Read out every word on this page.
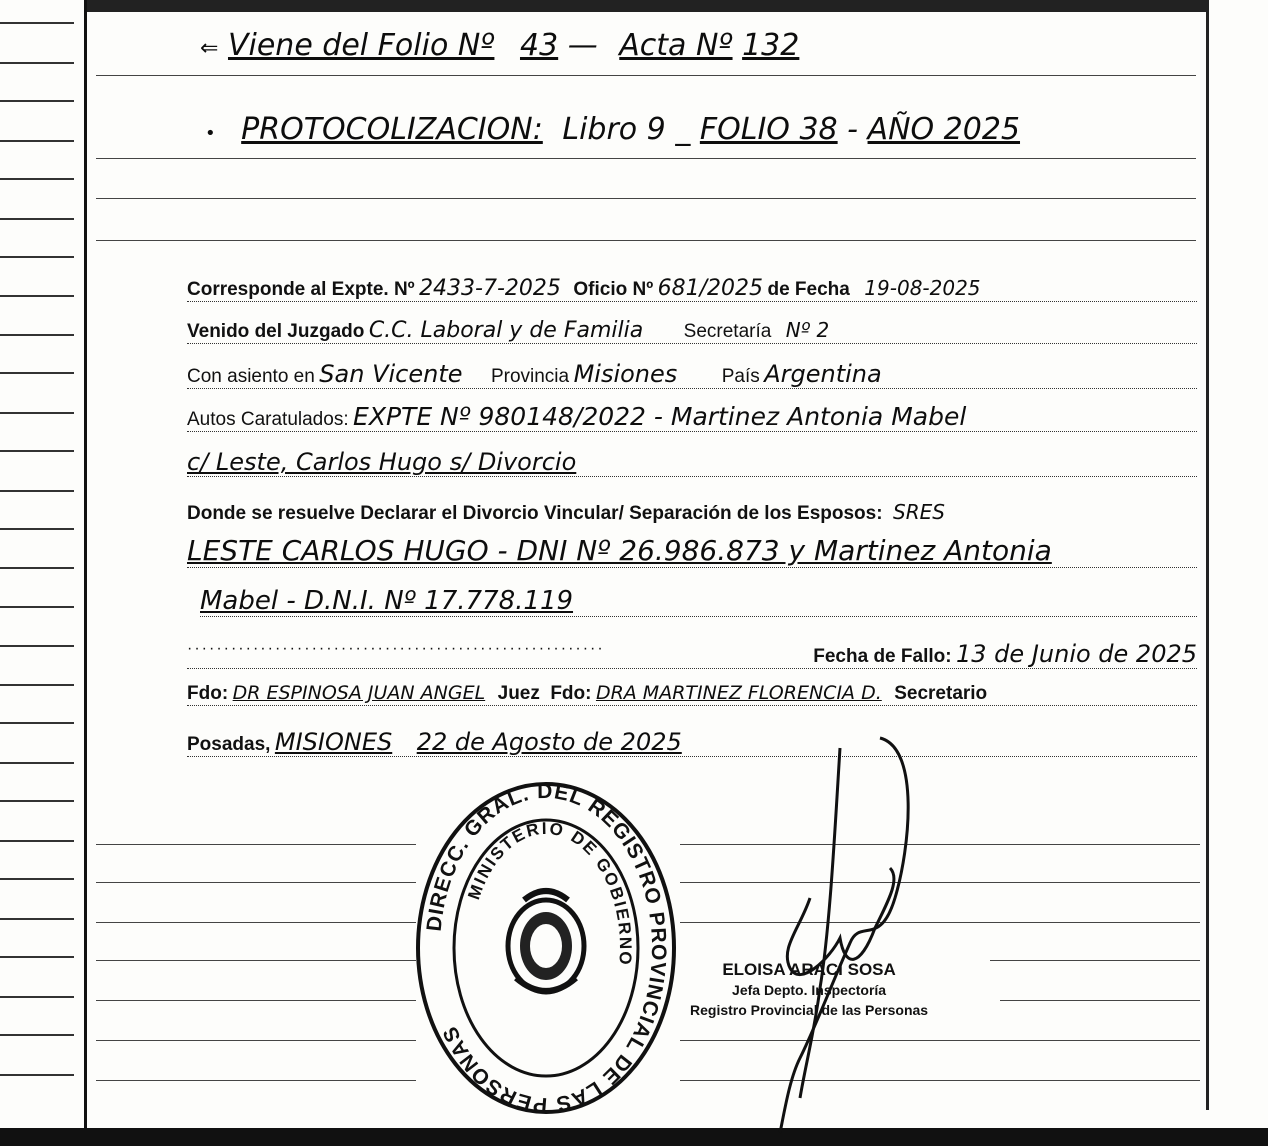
⇐ Viene del Folio Nº 43 — Acta Nº 132
• PROTOCOLIZACION: Libro 9 _ FOLIO 38 - AÑO 2025
Corresponde al Expte. Nº 2433-7-2025 Oficio Nº 681/2025 de Fecha 19-08-2025
Venido del Juzgado C.C. Laboral y de Familia Secretaría Nº 2
Con asiento en San Vicente Provincia Misiones País Argentina
Autos Caratulados: EXPTE Nº 980148/2022 - Martinez Antonia Mabel
c/ Leste, Carlos Hugo s/ Divorcio
Donde se resuelve Declarar el Divorcio Vincular/ Separación de los Esposos: SRES
LESTE CARLOS HUGO - DNI Nº 26.986.873 y Martinez Antonia
Mabel - D.N.I. Nº 17.778.119
·························································	Fecha de Fallo: 13 de Junio de 2025
Fdo: DR ESPINOSA JUAN ANGEL Juez Fdo: DRA MARTINEZ FLORENCIA D. Secretario
Posadas, MISIONES 22 de Agosto de 2025
DIRECC. GRAL. DEL REGISTRO PROVINCIAL DE LAS PERSONAS
MINISTERIO DE GOBIERNO
ELOISA ARACI SOSA
Jefa Depto. Inspectoría
Registro Provincial de las Personas
